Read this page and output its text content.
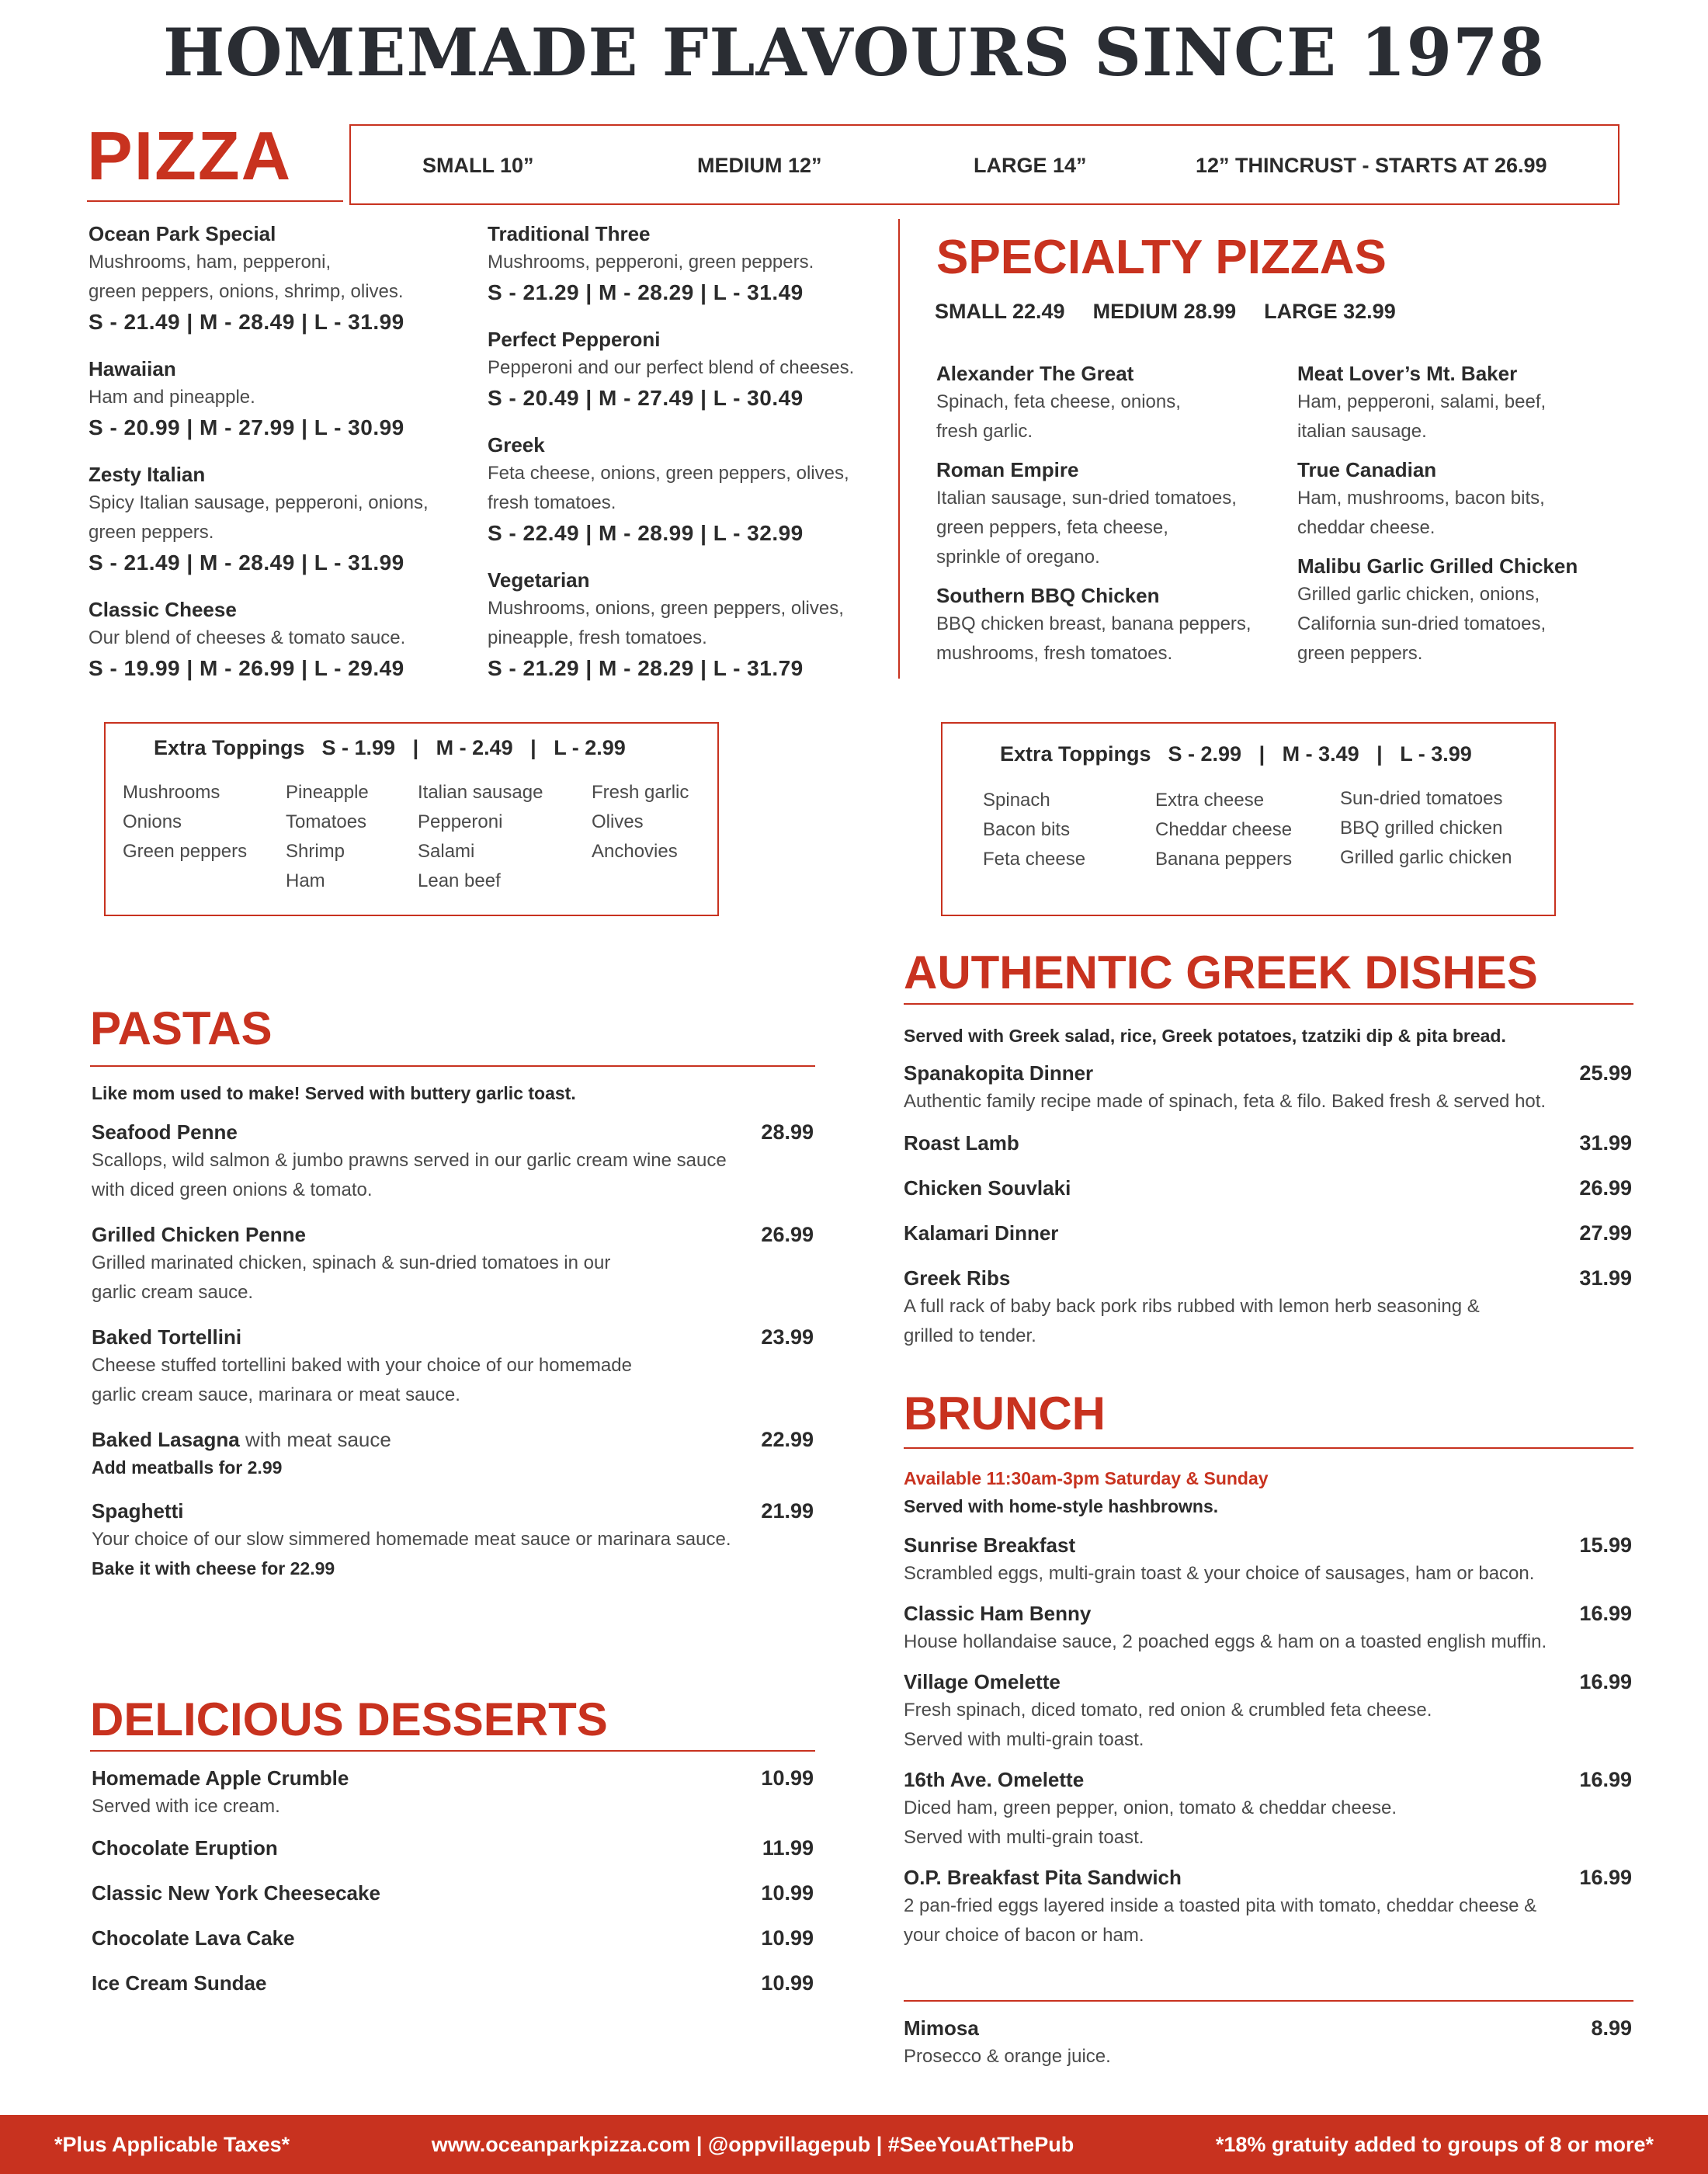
HOMEMADE FLAVOURS SINCE 1978
PIZZA	SMALL 10”	MEDIUM 12”	LARGE 14”	12” THINCRUST - STARTS AT 26.99
Ocean Park Special
Mushrooms, ham, pepperoni,
green peppers, onions, shrimp, olives.
S - 21.49 | M - 28.49 | L - 31.99
Hawaiian
Ham and pineapple.
S - 20.99 | M - 27.99 | L - 30.99
Zesty Italian
Spicy Italian sausage, pepperoni, onions,
green peppers.
S - 21.49 | M - 28.49 | L - 31.99
Classic Cheese
Our blend of cheeses & tomato sauce.
S - 19.99 | M - 26.99 | L - 29.49
Traditional Three
Mushrooms, pepperoni, green peppers.
S - 21.29 | M - 28.29 | L - 31.49
Perfect Pepperoni
Pepperoni and our perfect blend of cheeses.
S - 20.49 | M - 27.49 | L - 30.49
Greek
Feta cheese, onions, green peppers, olives,
fresh tomatoes.
S - 22.49 | M - 28.99 | L - 32.99
Vegetarian
Mushrooms, onions, green peppers, olives,
pineapple, fresh tomatoes.
S - 21.29 | M - 28.29 | L - 31.79
SPECIALTY PIZZAS
SMALL 22.49 MEDIUM 28.99 LARGE 32.99
Alexander The Great
Spinach, feta cheese, onions,
fresh garlic.
Roman Empire
Italian sausage, sun-dried tomatoes,
green peppers, feta cheese,
sprinkle of oregano.
Southern BBQ Chicken
BBQ chicken breast, banana peppers,
mushrooms, fresh tomatoes.
Meat Lover’s Mt. Baker
Ham, pepperoni, salami, beef,
italian sausage.
True Canadian
Ham, mushrooms, bacon bits,
cheddar cheese.
Malibu Garlic Grilled Chicken
Grilled garlic chicken, onions,
California sun-dried tomatoes,
green peppers.
Extra Toppings S - 1.99   |   M - 2.49   |   L - 2.99
Mushrooms
Onions
Green peppers
Pineapple
Tomatoes
Shrimp
Ham
Italian sausage
Pepperoni
Salami
Lean beef
Fresh garlic
Olives
Anchovies
Extra Toppings S - 2.99   |   M - 3.49   |   L - 3.99
Spinach
Bacon bits
Feta cheese
Extra cheese
Cheddar cheese
Banana peppers
Sun-dried tomatoes
BBQ grilled chicken
Grilled garlic chicken
PASTAS
Like mom used to make! Served with buttery garlic toast.
Seafood Penne	28.99
Scallops, wild salmon & jumbo prawns served in our garlic cream wine sauce
with diced green onions & tomato.
Grilled Chicken Penne	26.99
Grilled marinated chicken, spinach & sun-dried tomatoes in our
garlic cream sauce.
Baked Tortellini	23.99
Cheese stuffed tortellini baked with your choice of our homemade
garlic cream sauce, marinara or meat sauce.
Baked Lasagna with meat sauce	22.99
Add meatballs for 2.99
Spaghetti	21.99
Your choice of our slow simmered homemade meat sauce or marinara sauce.
Bake it with cheese for 22.99
DELICIOUS DESSERTS
Homemade Apple Crumble	10.99
Served with ice cream.
Chocolate Eruption	11.99
Classic New York Cheesecake	10.99
Chocolate Lava Cake	10.99
Ice Cream Sundae	10.99
AUTHENTIC GREEK DISHES
Served with Greek salad, rice, Greek potatoes, tzatziki dip & pita bread.
Spanakopita Dinner	25.99
Authentic family recipe made of spinach, feta & filo. Baked fresh & served hot.
Roast Lamb	31.99
Chicken Souvlaki	26.99
Kalamari Dinner	27.99
Greek Ribs	31.99
A full rack of baby back pork ribs rubbed with lemon herb seasoning &
grilled to tender.
BRUNCH
Available 11:30am-3pm Saturday & Sunday
Served with home-style hashbrowns.
Sunrise Breakfast	15.99
Scrambled eggs, multi-grain toast & your choice of sausages, ham or bacon.
Classic Ham Benny	16.99
House hollandaise sauce, 2 poached eggs & ham on a toasted english muffin.
Village Omelette	16.99
Fresh spinach, diced tomato, red onion & crumbled feta cheese.
Served with multi-grain toast.
16th Ave. Omelette	16.99
Diced ham, green pepper, onion, tomato & cheddar cheese.
Served with multi-grain toast.
O.P. Breakfast Pita Sandwich	16.99
2 pan-fried eggs layered inside a toasted pita with tomato, cheddar cheese &
your choice of bacon or ham.
Mimosa	8.99
Prosecco & orange juice.
*Plus Applicable Taxes*	www.oceanparkpizza.com | @oppvillagepub | #SeeYouAtThePub	*18% gratuity added to groups of 8 or more*
